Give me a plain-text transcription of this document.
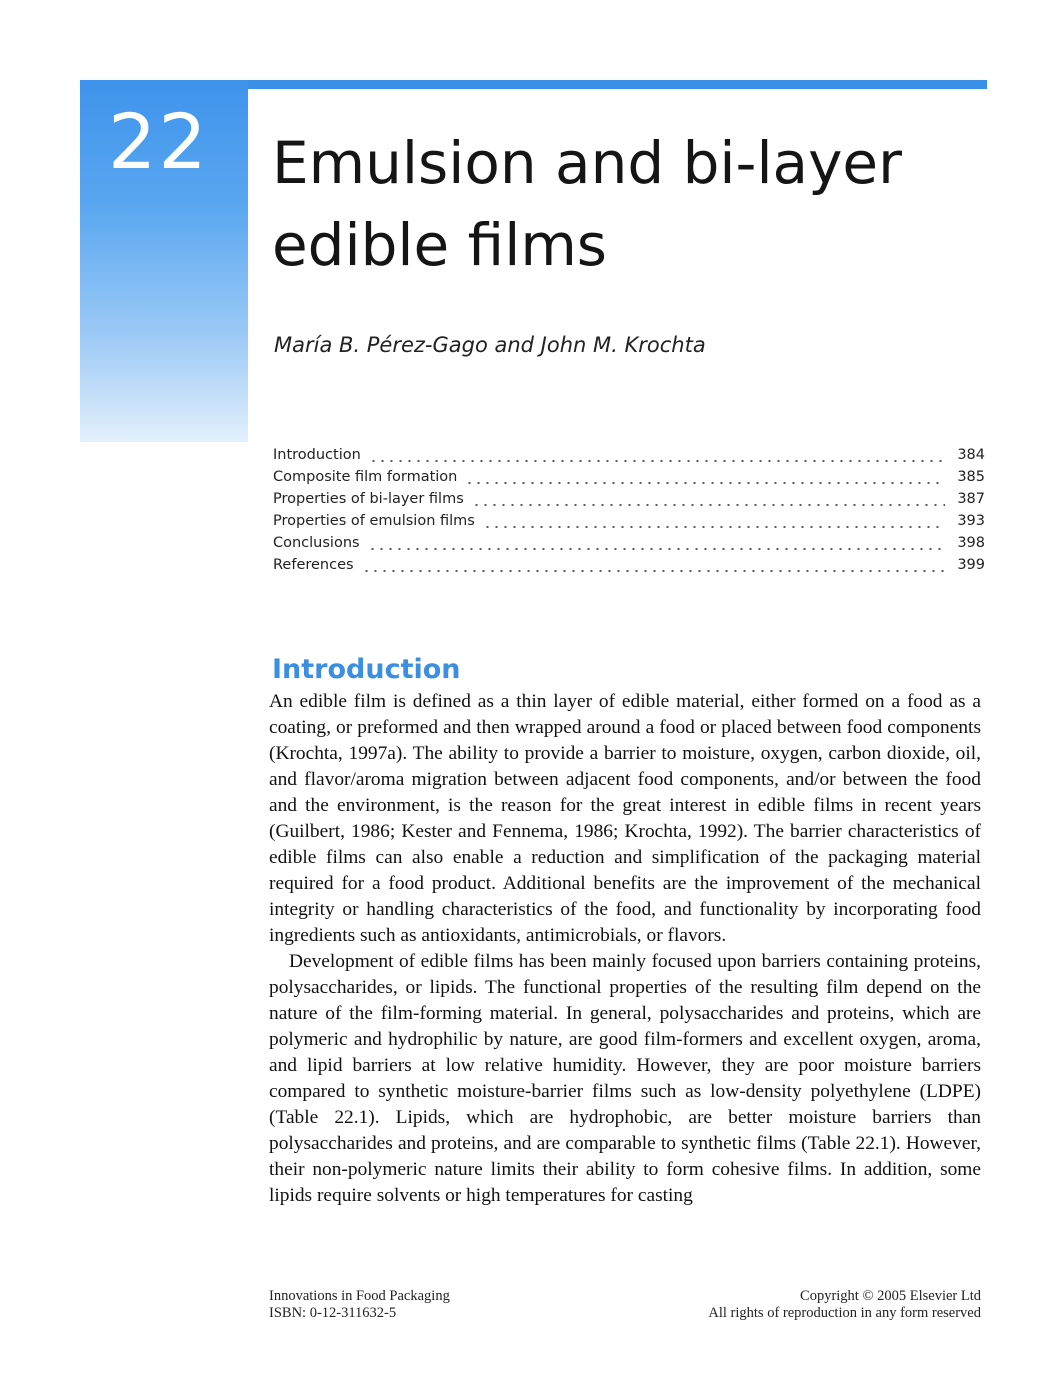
22 Emulsion and bi-layer edible films
María B. Pérez-Gago and John M. Krochta
Introduction	384
Composite film formation	385
Properties of bi-layer films	387
Properties of emulsion films	393
Conclusions	398
References	399
Introduction

An edible film is defined as a thin layer of edible material, either formed on a food as a coating, or preformed and then wrapped around a food or placed between food components (Krochta, 1997a). The ability to provide a barrier to moisture, oxygen, carbon dioxide, oil, and flavor/aroma migration between adjacent food components, and/or between the food and the environment, is the reason for the great interest in edible films in recent years (Guilbert, 1986; Kester and Fennema, 1986; Krochta, 1992). The barrier characteristics of edible films can also enable a reduction and simplification of the packaging material required for a food product. Additional benefits are the improvement of the mechanical integrity or handling characteristics of the food, and functionality by incorporating food ingredients such as antioxidants, antimicrobials, or flavors.

Development of edible films has been mainly focused upon barriers containing proteins, polysaccharides, or lipids. The functional properties of the resulting film depend on the nature of the film-forming material. In general, polysaccharides and proteins, which are polymeric and hydrophilic by nature, are good film-formers and excellent oxygen, aroma, and lipid barriers at low relative humidity. However, they are poor moisture barriers compared to synthetic moisture-barrier films such as low-density polyethylene (LDPE) (Table 22.1). Lipids, which are hydrophobic, are better moisture barriers than polysaccharides and proteins, and are comparable to synthetic films (Table 22.1). However, their non-polymeric nature limits their ability to form cohesive films. In addition, some lipids require solvents or high temperatures for casting

Innovations in Food Packaging
ISBN: 0-12-311632-5
Copyright © 2005 Elsevier Ltd
All rights of reproduction in any form reserved
